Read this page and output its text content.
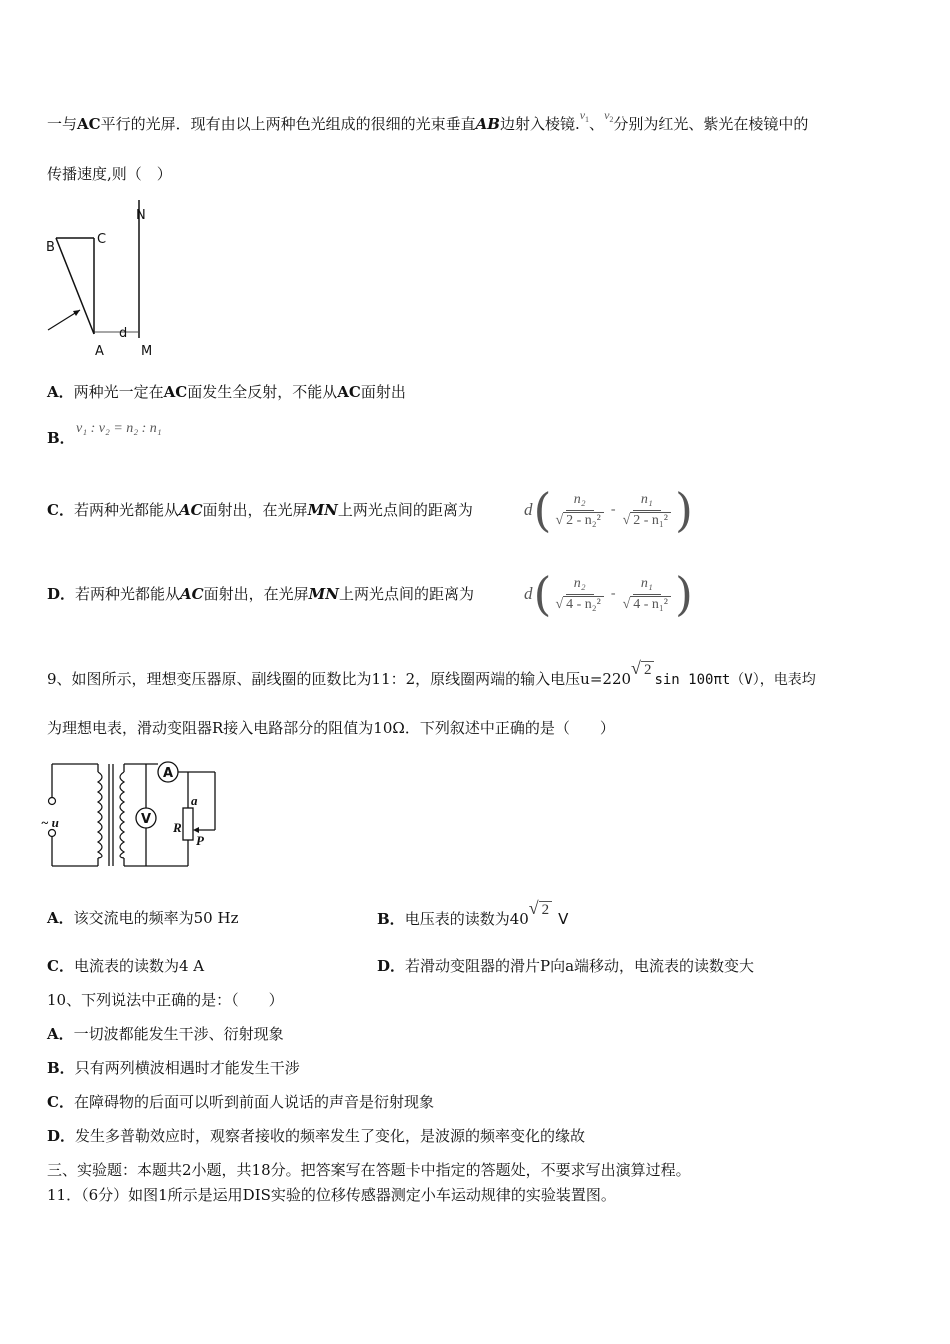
一与AC平行的光屏．现有由以上两种色光组成的很细的光束垂直AB边射入棱镜.$^{v_1}$、$^{v_2}$分别为红光、紫光在棱镜中的
传播速度,则（　）
B
C
A	M
N
d
A．两种光一定在AC面发生全反射，不能从AC面射出
B．
v₁ : v₂ = n₂ : n₁
C．若两种光都能从AC面射出，在光屏MN上两光点间的距离为	d ( $\frac{\text{n₂}}{\text{√ 2 - n₂²}} - \frac{\text{n₁}}{\text{√ 2 - n₁²}}$ )
D．若两种光都能从AC面射出，在光屏MN上两光点间的距离为	d ( $\frac{\text{n₂}}{\text{√ 4 - n₂²}} - \frac{\text{n₁}}{\text{√ 4 - n₁²}}$ )
9、如图所示，理想变压器原、副线圈的匝数比为11：2，原线圈两端的输入电压u=220√ 2sin 100πt（V），电表均
为理想电表，滑动变阻器R接入电路部分的阻值为10Ω．下列叙述中正确的是（　　）
A
V
~ u	R
a
P
A．该交流电的频率为50 Hz	B．电压表的读数为40√ 2 V
C．电流表的读数为4 A	D．若滑动变阻器的滑片P向a端移动，电流表的读数变大
10、下列说法中正确的是：（　　）
A．一切波都能发生干涉、衍射现象
B．只有两列横波相遇时才能发生干涉
C．在障碍物的后面可以听到前面人说话的声音是衍射现象
D．发生多普勒效应时，观察者接收的频率发生了变化，是波源的频率变化的缘故
三、实验题：本题共2小题，共18分。把答案写在答题卡中指定的答题处，不要求写出演算过程。
11．（6分）如图1所示是运用DIS实验的位移传感器测定小车运动规律的实验装置图。
